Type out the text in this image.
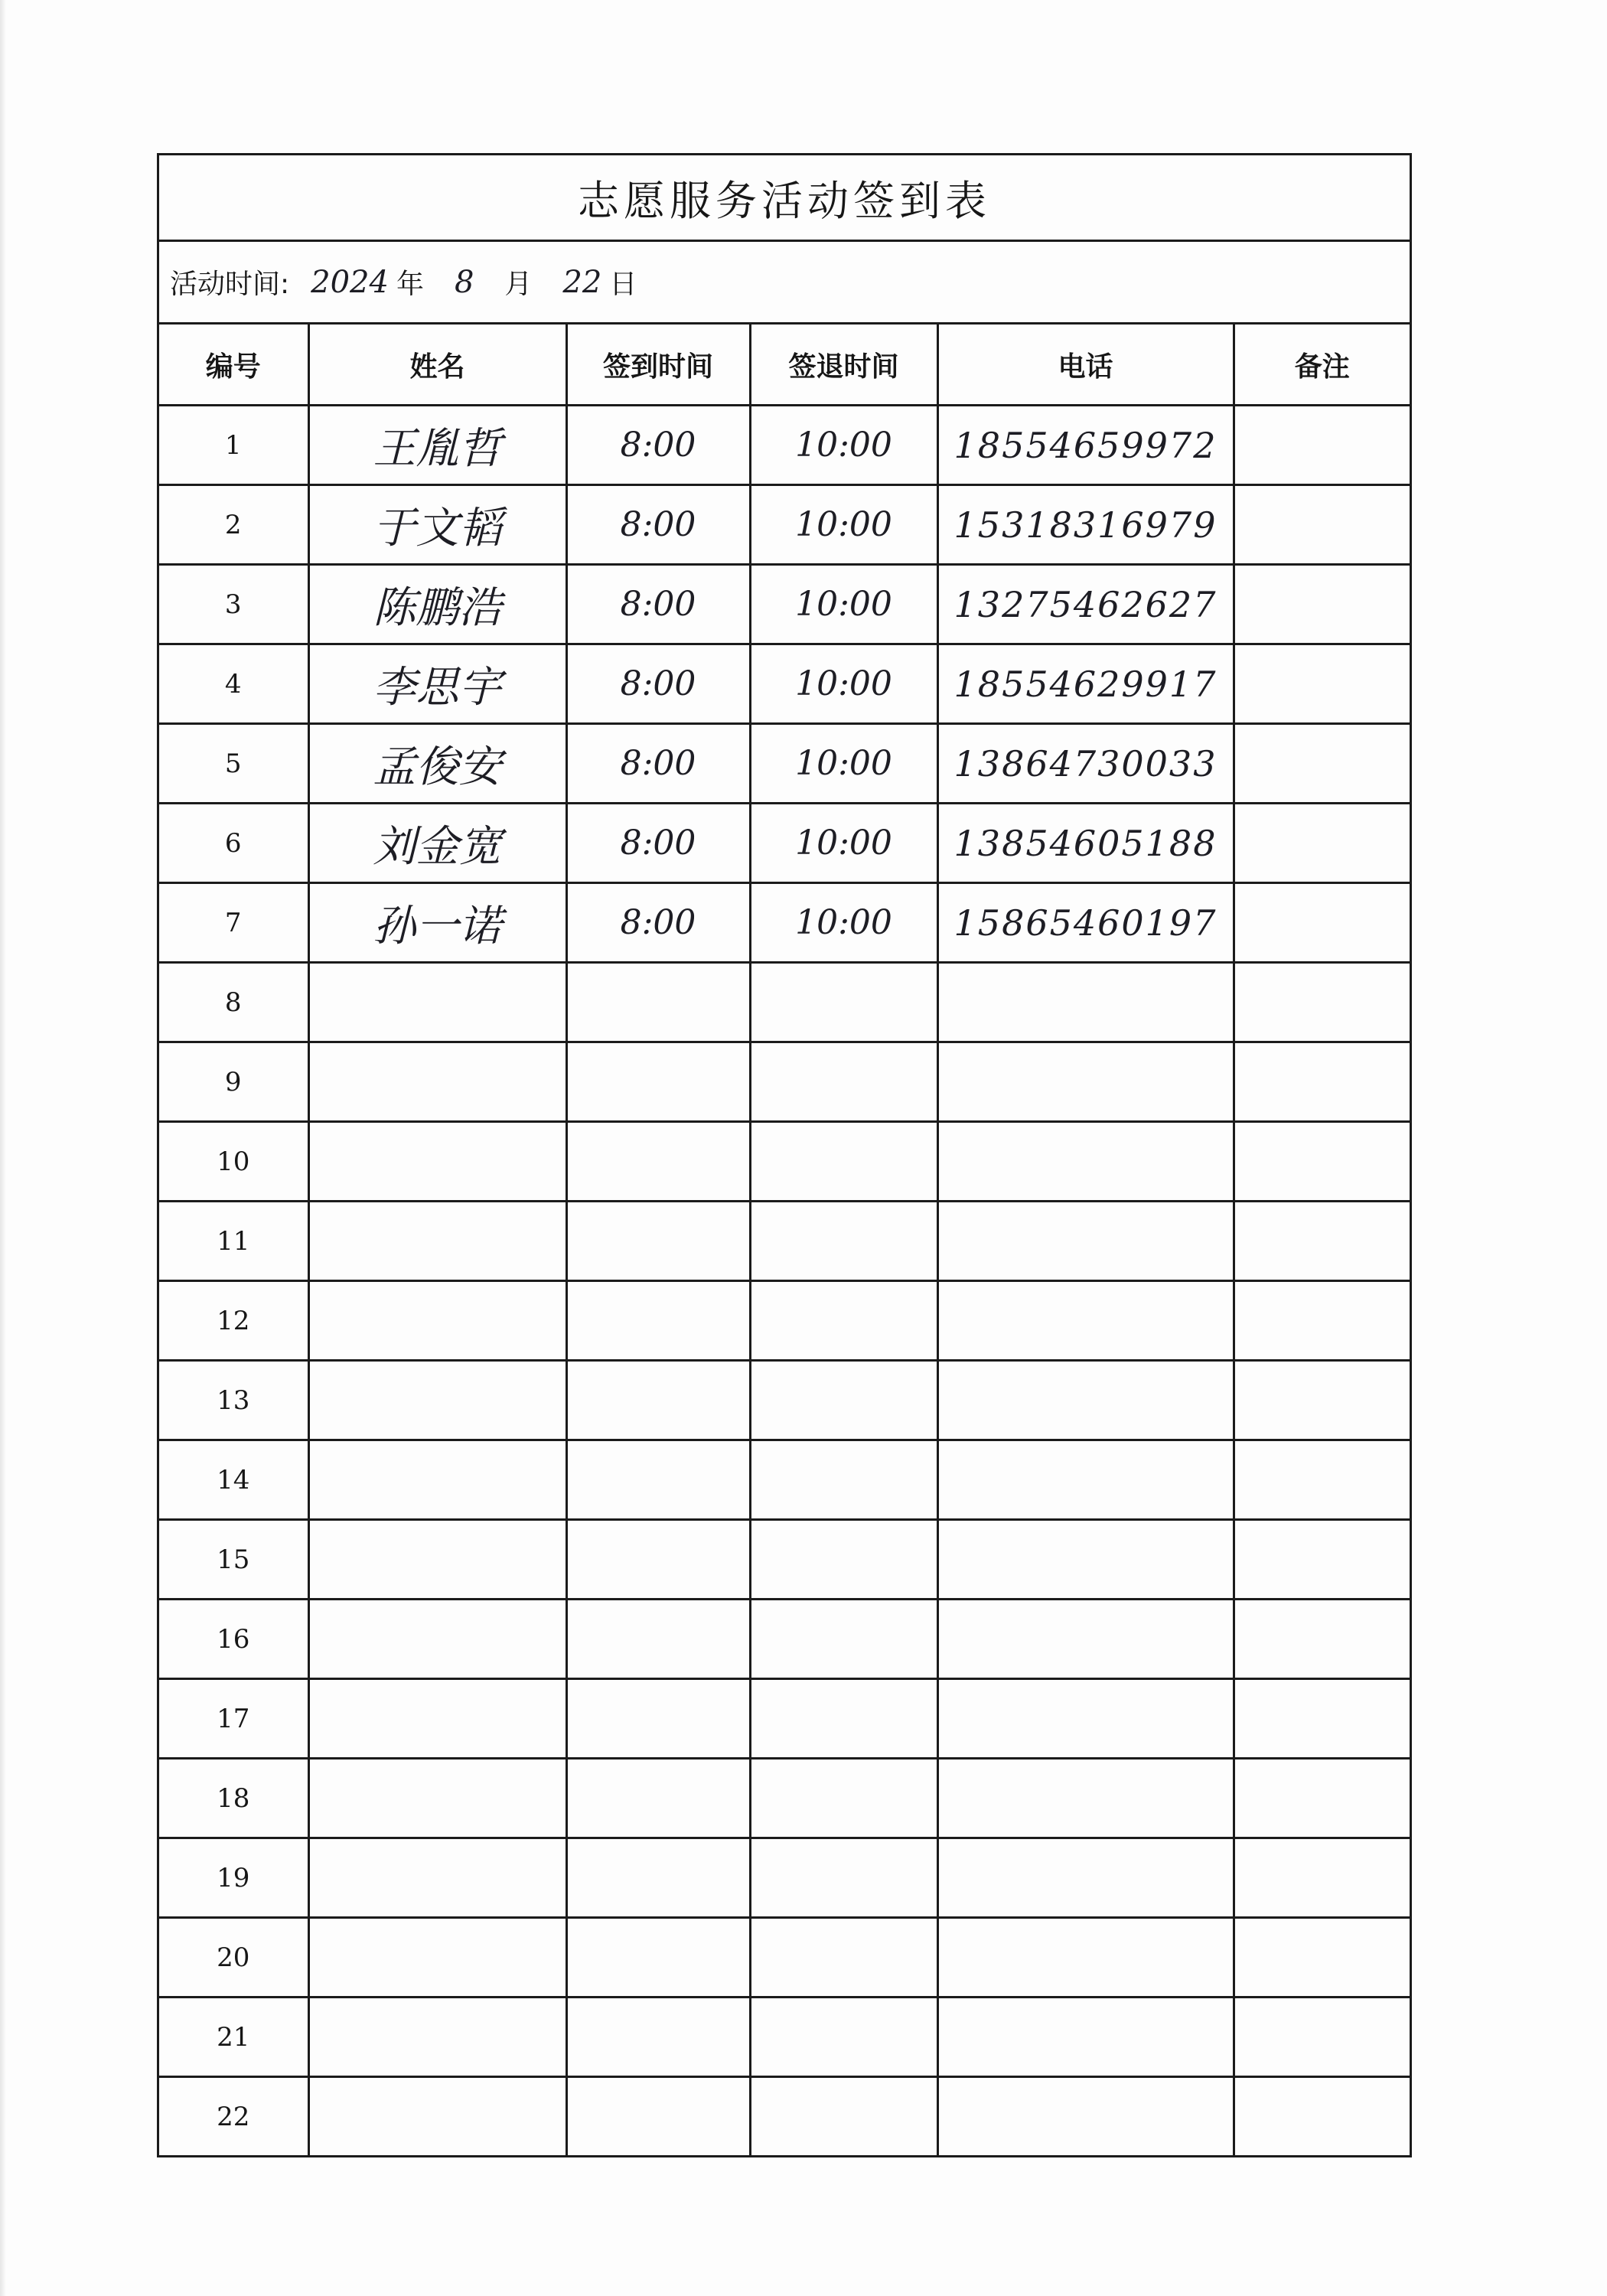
志愿服务活动签到表
活动时间: 2024 年 8 月 22 日
编号	姓名	签到时间	签退时间	电话	备注
1	王胤哲	8:00	10:00	18554659972	
2	于文韬	8:00	10:00	15318316979	
3	陈鹏浩	8:00	10:00	13275462627	
4	李思宇	8:00	10:00	18554629917	
5	孟俊安	8:00	10:00	13864730033	
6	刘金宽	8:00	10:00	13854605188	
7	孙一诺	8:00	10:00	15865460197	
8					
9					
10					
11					
12					
13					
14					
15					
16					
17					
18					
19					
20					
21					
22					
